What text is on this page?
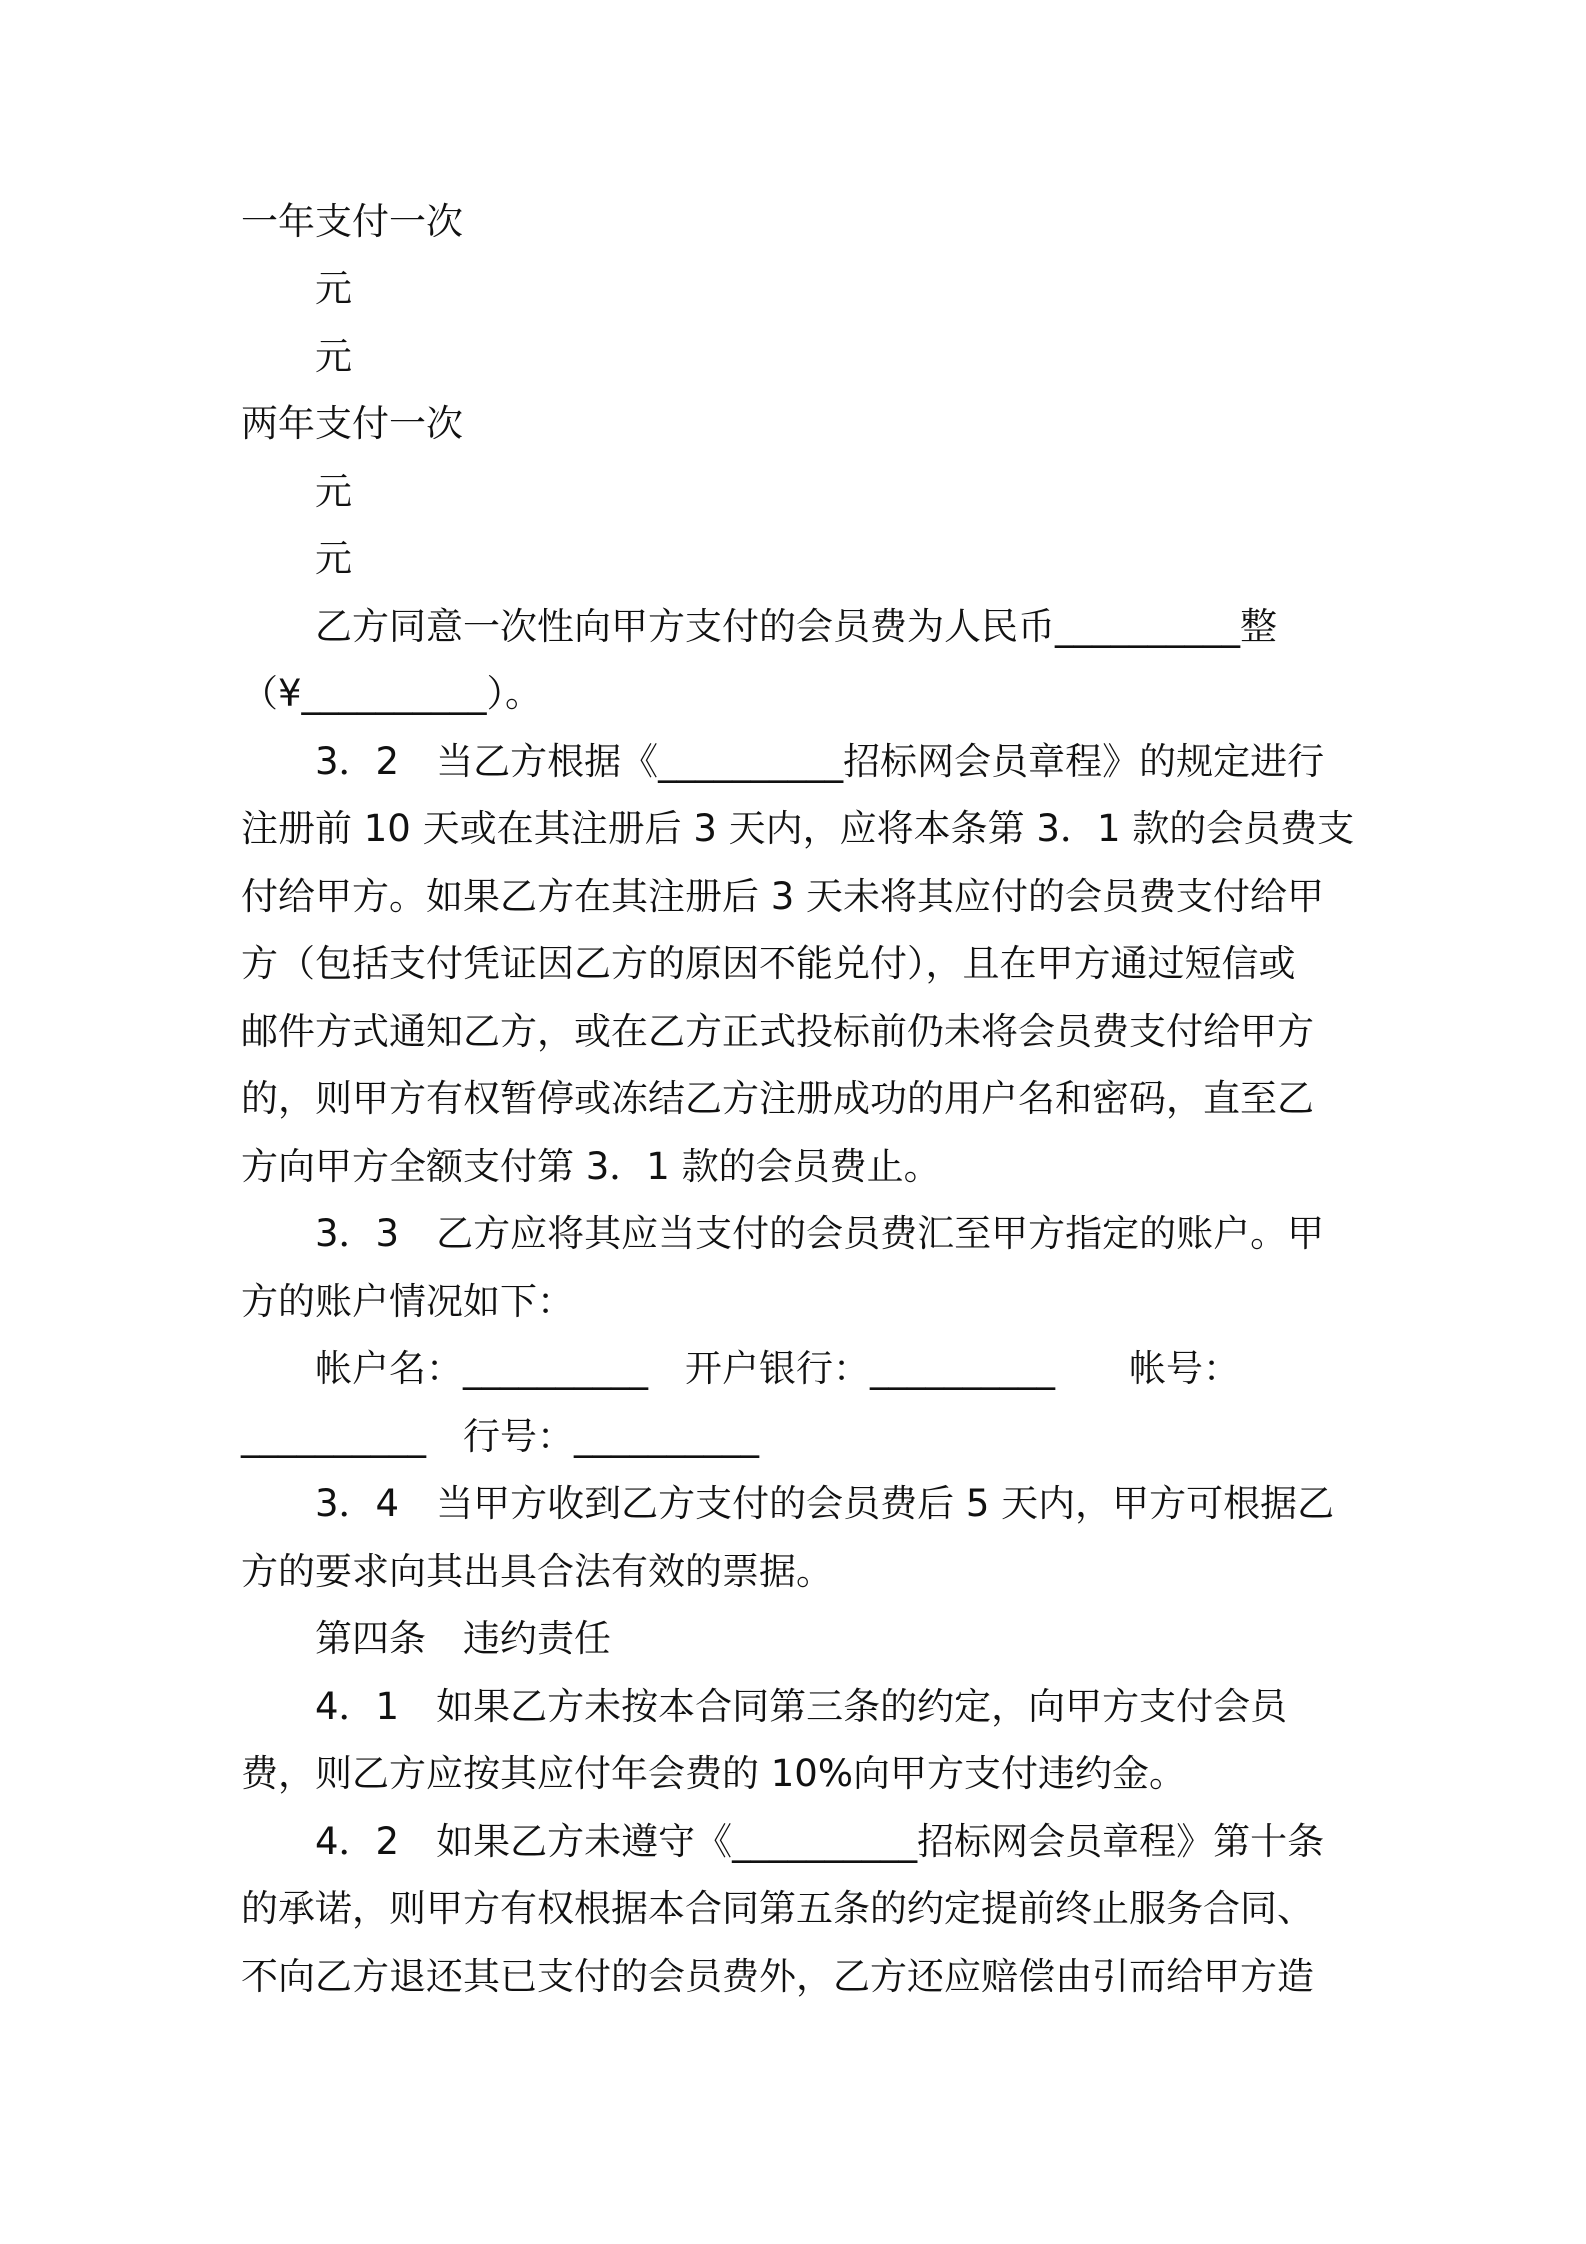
一年支付一次
　　元
　　元
两年支付一次
　　元
　　元
　　乙方同意一次性向甲方支付的会员费为人民币__________整
（¥__________）。
　　3．2　当乙方根据《__________招标网会员章程》的规定进行
注册前 10 天或在其注册后 3 天内，应将本条第 3．1 款的会员费支
付给甲方。如果乙方在其注册后 3 天未将其应付的会员费支付给甲
方（包括支付凭证因乙方的原因不能兑付），且在甲方通过短信或
邮件方式通知乙方，或在乙方正式投标前仍未将会员费支付给甲方
的，则甲方有权暂停或冻结乙方注册成功的用户名和密码，直至乙
方向甲方全额支付第 3．1 款的会员费止。
　　3．3　乙方应将其应当支付的会员费汇至甲方指定的账户。甲
方的账户情况如下：
　　帐户名：__________　开户银行：__________　　帐号：
__________　行号：__________
　　3．4　当甲方收到乙方支付的会员费后 5 天内，甲方可根据乙
方的要求向其出具合法有效的票据。
　　第四条　违约责任
　　4．1　如果乙方未按本合同第三条的约定，向甲方支付会员
费，则乙方应按其应付年会费的 10%向甲方支付违约金。
　　4．2　如果乙方未遵守《__________招标网会员章程》第十条
的承诺，则甲方有权根据本合同第五条的约定提前终止服务合同、
不向乙方退还其已支付的会员费外，乙方还应赔偿由引而给甲方造
